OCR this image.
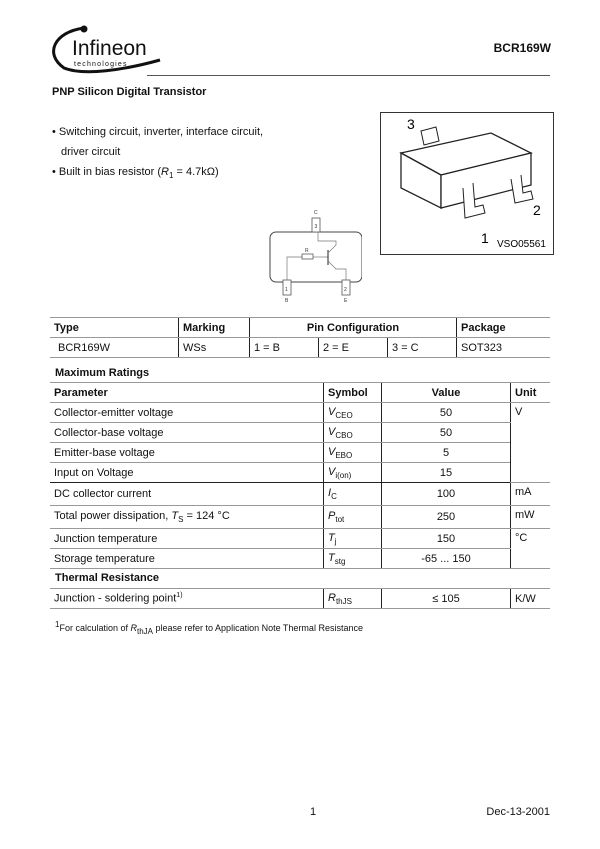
Infineon
technologies
BCR169W
PNP Silicon Digital Transistor
• Switching circuit, inverter, interface circuit,
driver circuit
• Built in bias resistor $(R_1 = 4.7k\Omega)$
C
3
1	2
B	E
R
3
2
1 VSO05561
Type	Marking	Pin Configuration			Package
BCR169W	WSs	1 = B	2 = E	3 = C	SOT323
Maximum Ratings
Parameter	Symbol	Value	Unit
Collector-emitter voltage	$V_{CEO}$	50	V
Collector-base voltage	$V_{CBO}$	50	
Emitter-base voltage	$V_{EBO}$	5	
Input on Voltage	$V_{i(on)}$	15	
DC collector current	$I_C$	100	mA
Total power dissipation, $T_S = 124$ °C	$P_{tot}$	250	mW
Junction temperature	$T_j$	150	°C
Storage temperature	$T_{stg}$	-65 ... 150	
Thermal Resistance
Junction - soldering point$^{1)}$	$R_{thJS}$	≤ 105	K/W
$^1$For calculation of $R_{thJA}$ please refer to Application Note Thermal Resistance
1	Dec-13-2001
